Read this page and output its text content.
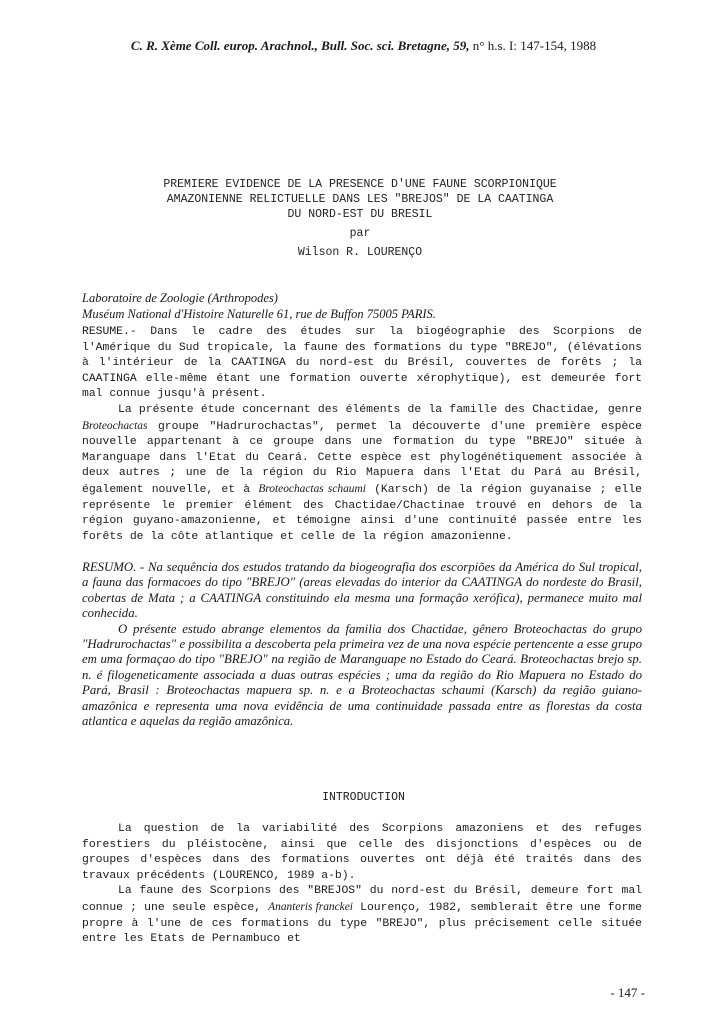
C. R. Xème Coll. europ. Arachnol., Bull. Soc. sci. Bretagne, 59, n° h.s. I: 147-154, 1988
PREMIERE EVIDENCE DE LA PRESENCE D'UNE FAUNE SCORPIONIQUE
AMAZONIENNE RELICTUELLE DANS LES "BREJOS" DE LA CAATINGA
DU NORD-EST DU BRESIL
par
Wilson R. LOURENÇO
Laboratoire de Zoologie (Arthropodes)
Muséum National d'Histoire Naturelle 61, rue de Buffon 75005 PARIS.

RESUME.- Dans le cadre des études sur la biogéographie des Scorpions de l'Amérique du Sud tropicale, la faune des formations du type "BREJO", (élévations à l'intérieur de la CAATINGA du nord-est du Brésil, couvertes de forêts ; la CAATINGA elle-même étant une formation ouverte xérophytique), est demeurée fort mal connue jusqu'à présent.

La présente étude concernant des éléments de la famille des Chactidae, genre Broteochactas groupe "Hadrurochactas", permet la découverte d'une première espèce nouvelle appartenant à ce groupe dans une formation du type "BREJO" située à Maranguape dans l'Etat du Ceará. Cette espèce est phylogénétiquement associée à deux autres ; une de la région du Rio Mapuera dans l'Etat du Pará au Brésil, également nouvelle, et à Broteochactas schaumi (Karsch) de la région guyanaise ; elle représente le premier élément des Chactidae/Chactinae trouvé en dehors de la région guyano-amazonienne, et témoigne ainsi d'une continuité passée entre les forêts de la côte atlantique et celle de la région amazonienne.

RESUMO. - Na sequência dos estudos tratando da biogeografia dos escorpiões da América do Sul tropical, a fauna das formacoes do tipo "BREJO" (areas elevadas do interior da CAATINGA do nordeste do Brasil, cobertas de Mata ; a CAATINGA constituindo ela mesma una formação xerófica), permanece muito mal conhecida.

O présente estudo abrange elementos da familia dos Chactidae, gênero Broteochactas do grupo "Hadrurochactas" e possibilita a descoberta pela primeira vez de una nova espécie pertencente a esse grupo em uma formaçao do tipo "BREJO" na região de Maranguape no Estado do Ceará. Broteochactas brejo sp. n. é filogeneticamente associada a duas outras espécies ; uma da região do Rio Mapuera no Estado do Pará, Brasil : Broteochactas mapuera sp. n. e a Broteochactas schaumi (Karsch) da região guiano-amazônica e representa uma nova evidência de uma continuidade passada entre as florestas da costa atlantica e aquelas da região amazônica.

INTRODUCTION

La question de la variabilité des Scorpions amazoniens et des refuges forestiers du pléistocène, ainsi que celle des disjonctions d'espèces ou de groupes d'espèces dans des formations ouvertes ont déjà été traités dans des travaux précédents (LOURENCO, 1989 a-b).

La faune des Scorpions des "BREJOS" du nord-est du Brésil, demeure fort mal connue ; une seule espèce, Ananteris franckei Lourenço, 1982, semblerait être une forme propre à l'une de ces formations du type "BREJO", plus précisement celle située entre les Etats de Pernambuco et

- 147 -
